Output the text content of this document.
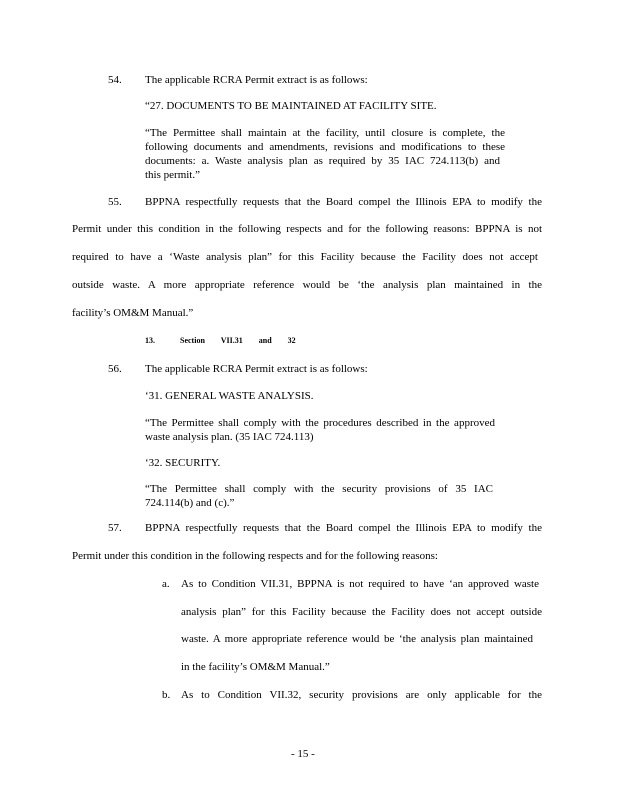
54. The applicable RCRA Permit extract is as follows:
“27. DOCUMENTS TO BE MAINTAINED AT FACILITY SITE.
“The Permittee shall maintain at the facility, until closure is complete, the
following documents and amendments, revisions and modifications to these
documents: a. Waste analysis plan as required by 35 IAC 724.113(b) and
this permit.”
55. BPPNA respectfully requests that the Board compel the Illinois EPA to modify the
Permit under this condition in the following respects and for the following reasons: BPPNA is not
required to have a ‘Waste analysis plan” for this Facility because the Facility does not accept
outside waste. A more appropriate reference would be ‘the analysis plan maintained in the
facility’s OM&M Manual.”
13.	Section VII.31 and 32
56. The applicable RCRA Permit extract is as follows:
‘31. GENERAL WASTE ANALYSIS.
“The Permittee shall comply with the procedures described in the approved
waste analysis plan. (35 IAC 724.113)
‘32. SECURITY.
“The Permittee shall comply with the security provisions of 35 IAC
724.114(b) and (c).”
57. BPPNA respectfully requests that the Board compel the Illinois EPA to modify the
Permit under this condition in the following respects and for the following reasons:
a. As to Condition VII.31, BPPNA is not required to have ‘an approved waste
analysis plan” for this Facility because the Facility does not accept outside
waste. A more appropriate reference would be ‘the analysis plan maintained
in the facility’s OM&M Manual.”
b. As to Condition VII.32, security provisions are only applicable for the
- 15 -
